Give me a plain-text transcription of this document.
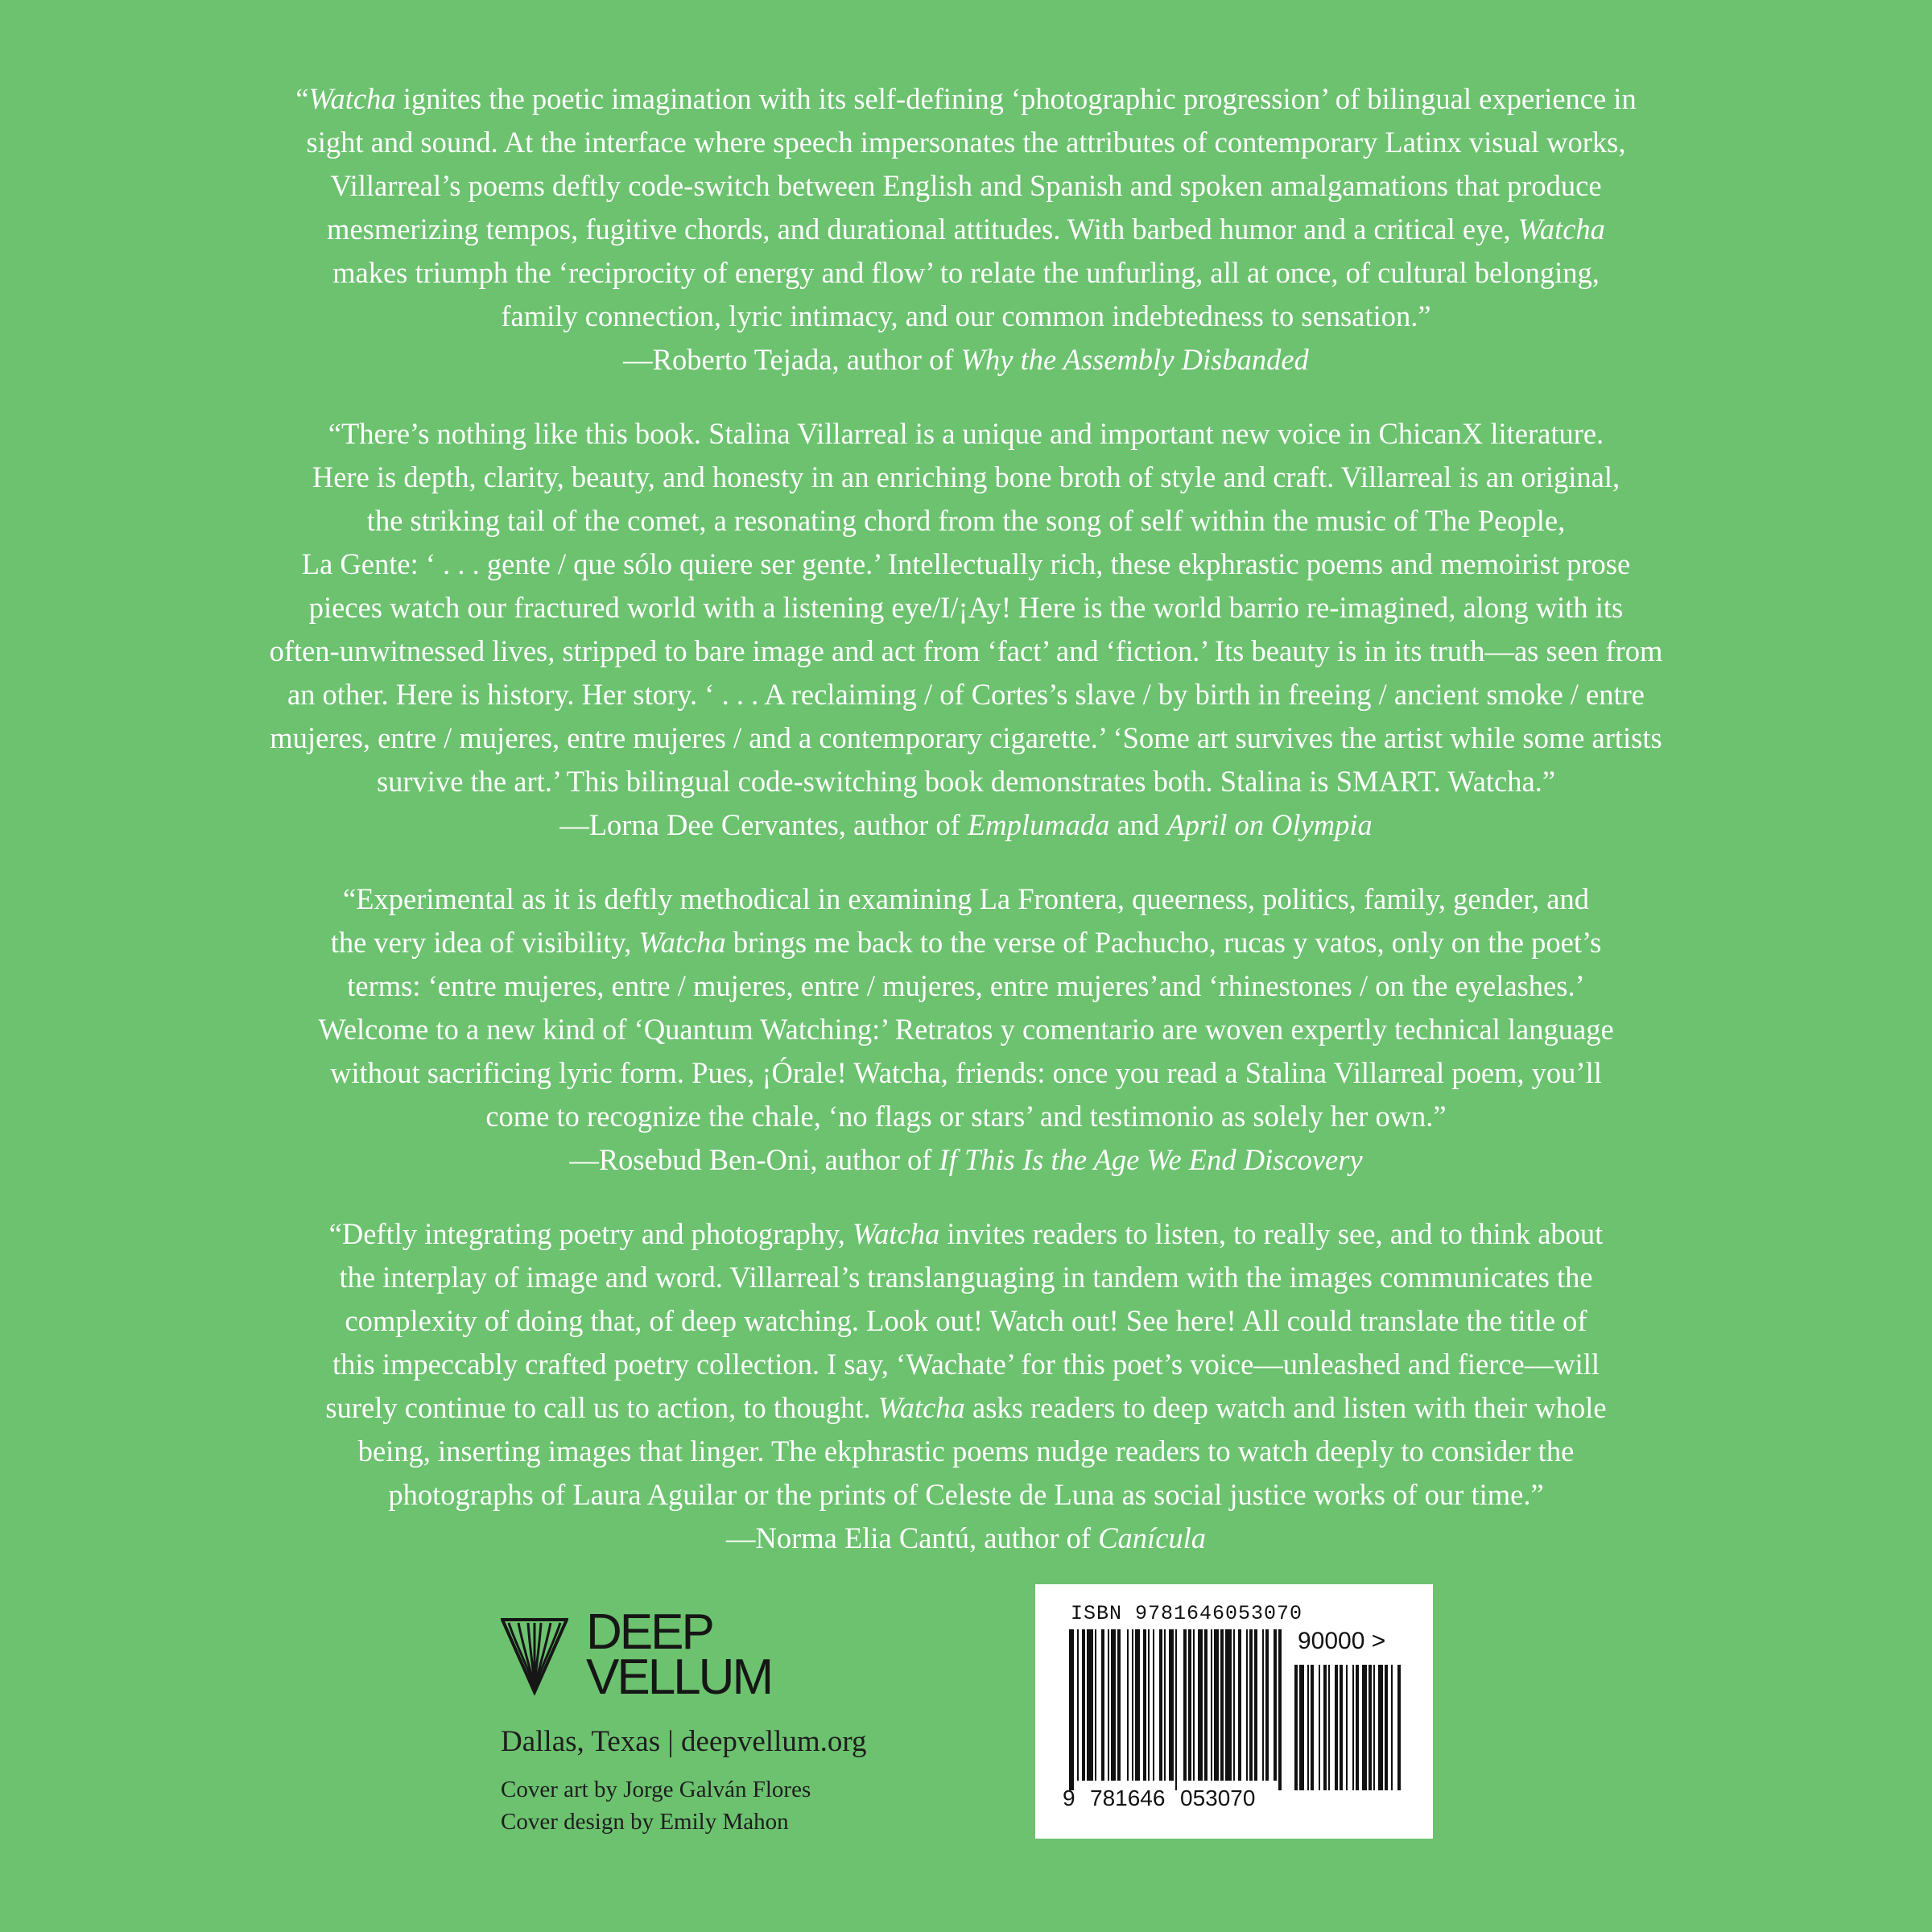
“Watcha ignites the poetic imagination with its self-defining ‘photographic progression’ of bilingual experience in
sight and sound. At the interface where speech impersonates the attributes of contemporary Latinx visual works,
Villarreal’s poems deftly code-switch between English and Spanish and spoken amalgamations that produce
mesmerizing tempos, fugitive chords, and durational attitudes. With barbed humor and a critical eye, Watcha
makes triumph the ‘reciprocity of energy and flow’ to relate the unfurling, all at once, of cultural belonging,
family connection, lyric intimacy, and our common indebtedness to sensation.”

—Roberto Tejada, author of Why the Assembly Disbanded

“There’s nothing like this book. Stalina Villarreal is a unique and important new voice in ChicanX literature.
Here is depth, clarity, beauty, and honesty in an enriching bone broth of style and craft. Villarreal is an original,
the striking tail of the comet, a resonating chord from the song of self within the music of The People,
La Gente: ‘ . . . gente / que sólo quiere ser gente.’ Intellectually rich, these ekphrastic poems and memoirist prose
pieces watch our fractured world with a listening eye/I/¡Ay! Here is the world barrio re-imagined, along with its
often-unwitnessed lives, stripped to bare image and act from ‘fact’ and ‘fiction.’ Its beauty is in its truth—as seen from
an other. Here is history. Her story. ‘ . . . A reclaiming / of Cortes’s slave / by birth in freeing / ancient smoke / entre
mujeres, entre / mujeres, entre mujeres / and a contemporary cigarette.’ ‘Some art survives the artist while some artists
survive the art.’ This bilingual code-switching book demonstrates both. Stalina is SMART. Watcha.”

—Lorna Dee Cervantes, author of Emplumada and April on Olympia

“Experimental as it is deftly methodical in examining La Frontera, queerness, politics, family, gender, and
the very idea of visibility, Watcha brings me back to the verse of Pachucho, rucas y vatos, only on the poet’s
terms: ‘entre mujeres, entre / mujeres, entre / mujeres, entre mujeres’and ‘rhinestones / on the eyelashes.’
Welcome to a new kind of ‘Quantum Watching:’ Retratos y comentario are woven expertly technical language
without sacrificing lyric form. Pues, ¡Órale! Watcha, friends: once you read a Stalina Villarreal poem, you’ll
come to recognize the chale, ‘no flags or stars’ and testimonio as solely her own.”

—Rosebud Ben-Oni, author of If This Is the Age We End Discovery

“Deftly integrating poetry and photography, Watcha invites readers to listen, to really see, and to think about
the interplay of image and word. Villarreal’s translanguaging in tandem with the images communicates the
complexity of doing that, of deep watching. Look out! Watch out! See here! All could translate the title of
this impeccably crafted poetry collection. I say, ‘Wachate’ for this poet’s voice—unleashed and fierce—will
surely continue to call us to action, to thought. Watcha asks readers to deep watch and listen with their whole
being, inserting images that linger. The ekphrastic poems nudge readers to watch deeply to consider the
photographs of Laura Aguilar or the prints of Celeste de Luna as social justice works of our time.”

—Norma Elia Cantú, author of Canícula
DEEP
VELLUM
Dallas, Texas | deepvellum.org
Cover art by Jorge Galván Flores
Cover design by Emily Mahon
ISBN 9781646053070
90000 >
9 781646 053070
